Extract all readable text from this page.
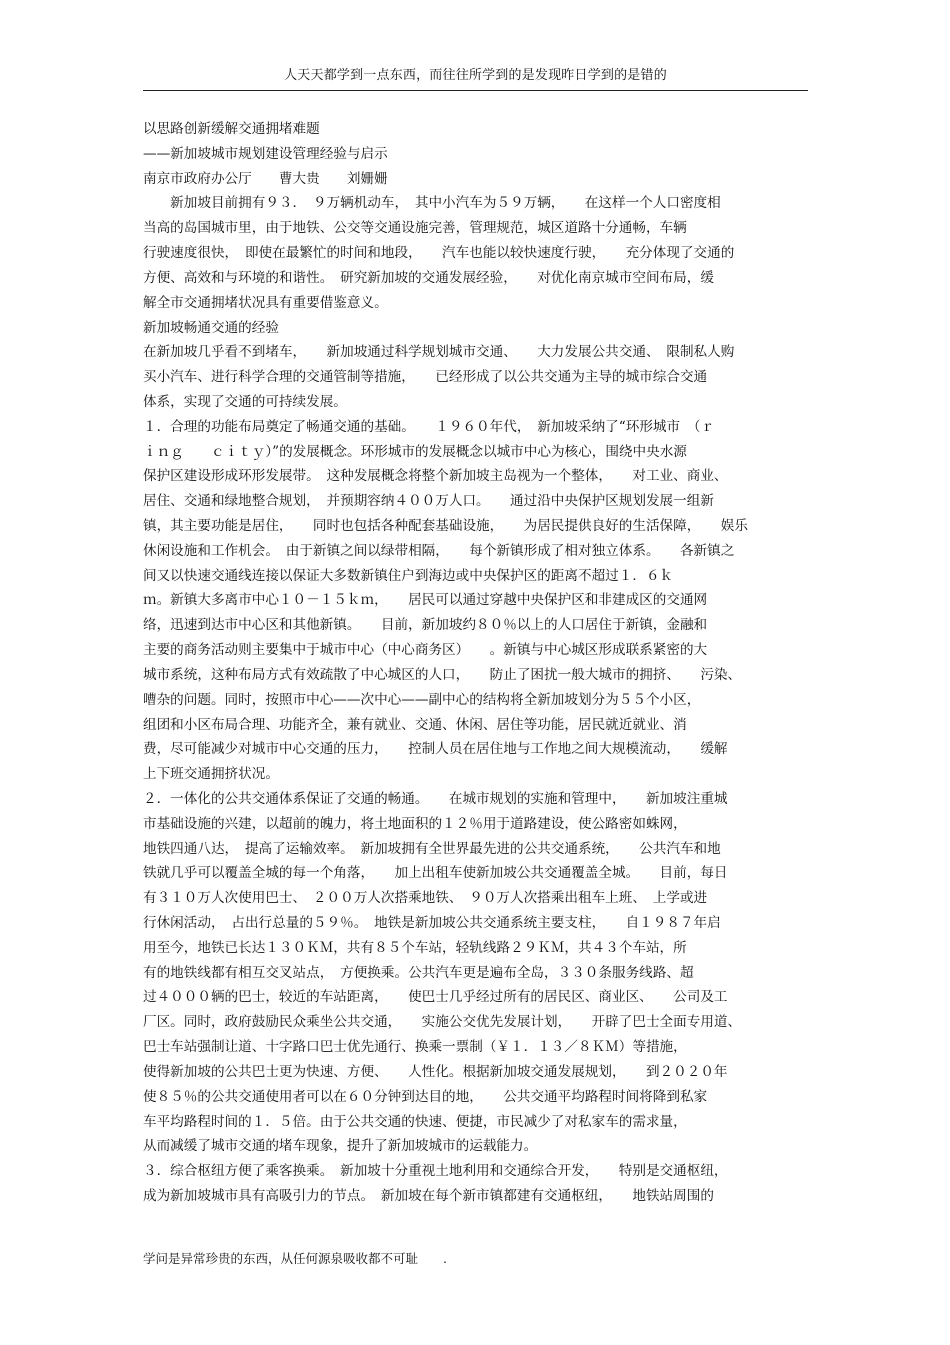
人天天都学到一点东西，而往往所学到的是发现昨日学到的是错的
以思路创新缓解交通拥堵难题
——新加坡城市规划建设管理经验与启示
南京市政府办公厅　　曹大贵　　刘姗姗
　　新加坡目前拥有９３．　９万辆机动车，　其中小汽车为５９万辆，　　在这样一个人口密度相
当高的岛国城市里，由于地铁、公交等交通设施完善，管理规范，城区道路十分通畅，车辆
行驶速度很快，　即使在最繁忙的时间和地段，　　汽车也能以较快速度行驶，　　充分体现了交通的
方便、高效和与环境的和谐性。　研究新加坡的交通发展经验，　　对优化南京城市空间布局，缓
解全市交通拥堵状况具有重要借鉴意义。
新加坡畅通交通的经验
在新加坡几乎看不到堵车，　　新加坡通过科学规划城市交通、　　大力发展公共交通、　限制私人购
买小汽车、进行科学合理的交通管制等措施，　　已经形成了以公共交通为主导的城市综合交通
体系，实现了交通的可持续发展。
１．合理的功能布局奠定了畅通交通的基础。　　１９６０年代，　新加坡采纳了“环形城市　（ｒ
ｉｎｇ　　ｃｉｔｙ）”的发展概念。环形城市的发展概念以城市中心为核心，围绕中央水源
保护区建设形成环形发展带。　这种发展概念将整个新加坡主岛视为一个整体，　　对工业、商业、
居住、交通和绿地整合规划，　并预期容纳４００万人口。　　通过沿中央保护区规划发展一组新
镇，其主要功能是居住，　　同时也包括各种配套基础设施，　　为居民提供良好的生活保障，　　娱乐
休闲设施和工作机会。　由于新镇之间以绿带相隔，　　每个新镇形成了相对独立体系。　　各新镇之
间又以快速交通线连接以保证大多数新镇住户到海边或中央保护区的距离不超过１．６ｋ
ｍ。新镇大多离市中心１０－１５ｋｍ，　　居民可以通过穿越中央保护区和非建成区的交通网
络，迅速到达市中心区和其他新镇。　　目前，新加坡约８０％以上的人口居住于新镇，金融和
主要的商务活动则主要集中于城市中心（中心商务区）　　。新镇与中心城区形成联系紧密的大
城市系统，这种布局方式有效疏散了中心城区的人口，　　防止了困扰一般大城市的拥挤、　　污染、
嘈杂的问题。同时，按照市中心——次中心——副中心的结构将全新加坡划分为５５个小区，
组团和小区布局合理、功能齐全，兼有就业、交通、休闲、居住等功能，居民就近就业、消
费，尽可能减少对城市中心交通的压力，　　控制人员在居住地与工作地之间大规模流动，　　缓解
上下班交通拥挤状况。
２．一体化的公共交通体系保证了交通的畅通。　　在城市规划的实施和管理中，　　新加坡注重城
市基础设施的兴建，以超前的魄力，将土地面积的１２％用于道路建设，使公路密如蛛网，
地铁四通八达，　提高了运输效率。　新加坡拥有全世界最先进的公共交通系统，　　公共汽车和地
铁就几乎可以覆盖全城的每一个角落，　　加上出租车使新加坡公共交通覆盖全城。　　目前，每日
有３１０万人次使用巴士、　２００万人次搭乘地铁、　９０万人次搭乘出租车上班、　上学或进
行休闲活动，　占出行总量的５９％。　地铁是新加坡公共交通系统主要支柱，　　自１９８７年启
用至今，地铁已长达１３０ＫＭ，共有８５个车站，轻轨线路２９ＫＭ，共４３个车站，所
有的地铁线都有相互交叉站点，　方便换乘。公共汽车更是遍布全岛，３３０条服务线路、超
过４０００辆的巴士，较近的车站距离，　　使巴士几乎经过所有的居民区、商业区、　　公司及工
厂区。同时，政府鼓励民众乘坐公共交通，　　实施公交优先发展计划，　　开辟了巴士全面专用道、
巴士车站强制让道、十字路口巴士优先通行、换乘一票制（￥１．１３／８ＫＭ）等措施，
使得新加坡的公共巴士更为快速、方便、　　人性化。根据新加坡交通发展规划，　　到２０２０年
使８５％的公共交通使用者可以在６０分钟到达目的地，　　公共交通平均路程时间将降到私家
车平均路程时间的１．５倍。由于公共交通的快速、便捷，市民减少了对私家车的需求量，
从而减缓了城市交通的堵车现象，提升了新加坡城市的运载能力。
３．综合枢纽方便了乘客换乘。　新加坡十分重视土地利用和交通综合开发，　　特别是交通枢纽，
成为新加坡城市具有高吸引力的节点。　新加坡在每个新市镇都建有交通枢纽，　　地铁站周围的
学问是异常珍贵的东西，从任何源泉吸收都不可耻　　.
